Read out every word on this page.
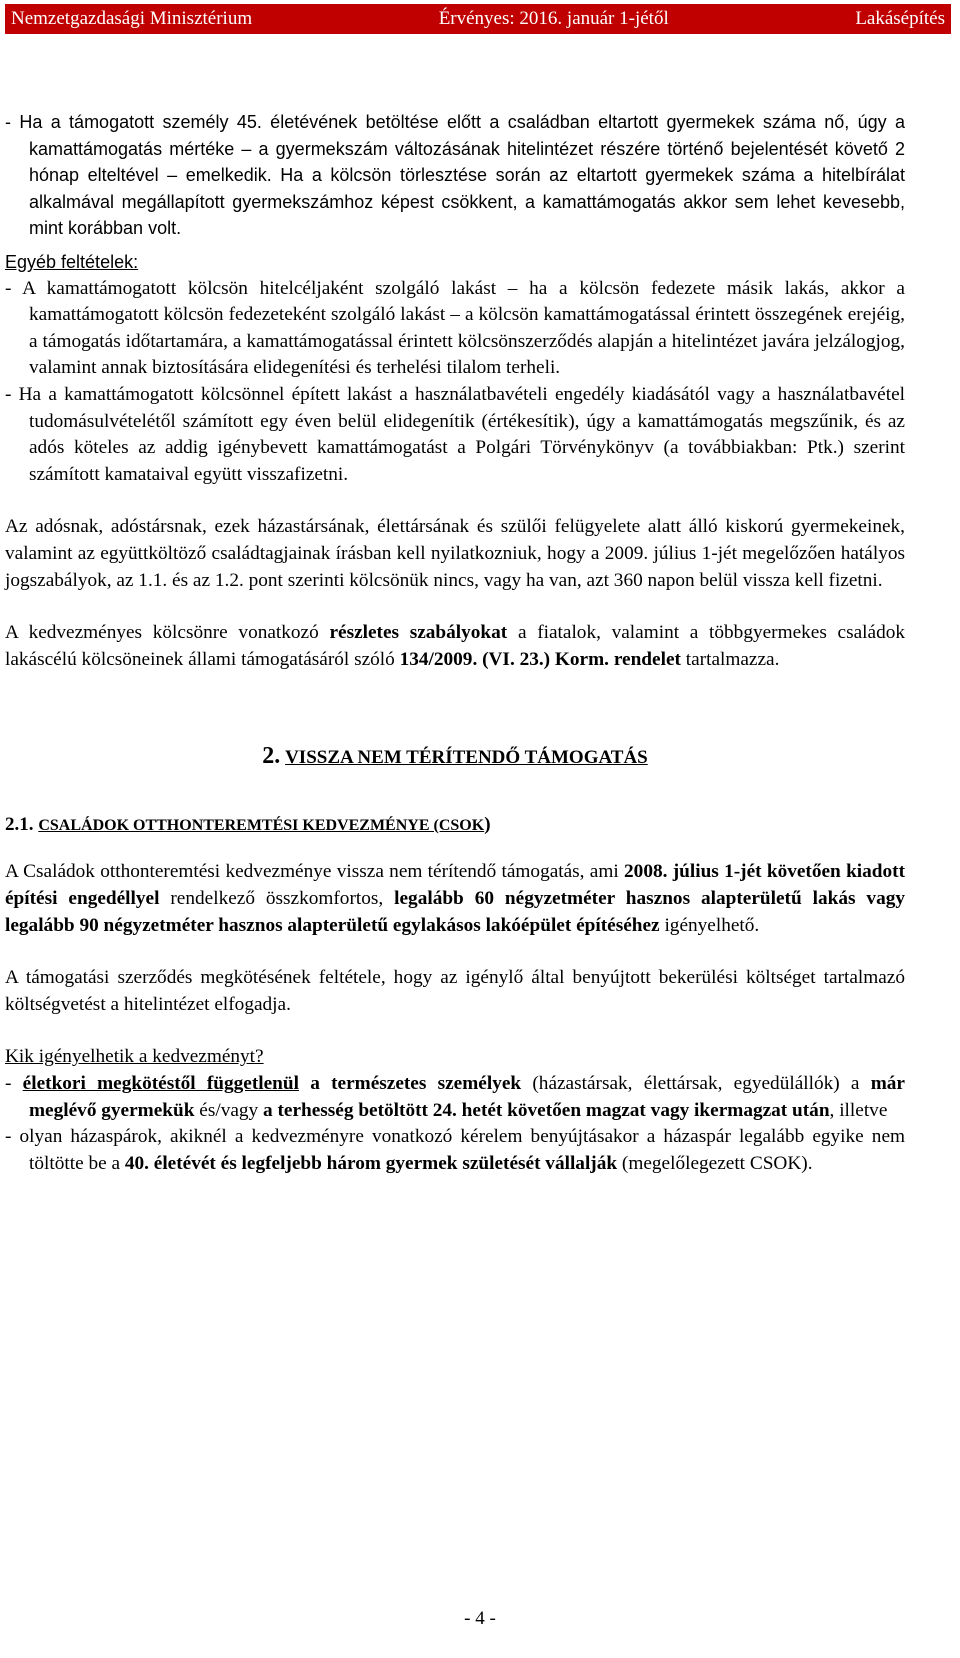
Nemzetgazdasági Minisztérium	Érvényes: 2016. január 1-jétől	Lakásépítés

- Ha a támogatott személy 45. életévének betöltése előtt a családban eltartott gyermekek száma nő, úgy a kamattámogatás mértéke – a gyermekszám változásának hitelintézet részére történő bejelentését követő 2 hónap elteltével – emelkedik. Ha a kölcsön törlesztése során az eltartott gyermekek száma a hitelbírálat alkalmával megállapított gyermekszámhoz képest csökkent, a kamattámogatás akkor sem lehet kevesebb, mint korábban volt.

Egyéb feltételek:

- A kamattámogatott kölcsön hitelcéljaként szolgáló lakást – ha a kölcsön fedezete másik lakás, akkor a kamattámogatott kölcsön fedezeteként szolgáló lakást – a kölcsön kamattámogatással érintett összegének erejéig, a támogatás időtartamára, a kamattámogatással érintett kölcsönszerződés alapján a hitelintézet javára jelzálogjog, valamint annak biztosítására elidegenítési és terhelési tilalom terheli.

- Ha a kamattámogatott kölcsönnel épített lakást a használatbavételi engedély kiadásától vagy a használatbavétel tudomásulvételétől számított egy éven belül elidegenítik (értékesítik), úgy a kamattámogatás megszűnik, és az adós köteles az addig igénybevett kamattámogatást a Polgári Törvénykönyv (a továbbiakban: Ptk.) szerint számított kamataival együtt visszafizetni.

Az adósnak, adóstársnak, ezek házastársának, élettársának és szülői felügyelete alatt álló kiskorú gyermekeinek, valamint az együttköltöző családtagjainak írásban kell nyilatkozniuk, hogy a 2009. július 1-jét megelőzően hatályos jogszabályok, az 1.1. és az 1.2. pont szerinti kölcsönük nincs, vagy ha van, azt 360 napon belül vissza kell fizetni.

A kedvezményes kölcsönre vonatkozó részletes szabályokat a fiatalok, valamint a többgyermekes családok lakáscélú kölcsöneinek állami támogatásáról szóló 134/2009. (VI. 23.) Korm. rendelet tartalmazza.

2. VISSZA NEM TÉRÍTENDŐ TÁMOGATÁS

2.1. CSALÁDOK OTTHONTEREMTÉSI KEDVEZMÉNYE (CSOK)

A Családok otthonteremtési kedvezménye vissza nem térítendő támogatás, ami 2008. július 1-jét követően kiadott építési engedéllyel rendelkező összkomfortos, legalább 60 négyzetméter hasznos alapterületű lakás vagy legalább 90 négyzetméter hasznos alapterületű egylakásos lakóépület építéséhez igényelhető.

A támogatási szerződés megkötésének feltétele, hogy az igénylő által benyújtott bekerülési költséget tartalmazó költségvetést a hitelintézet elfogadja.

Kik igényelhetik a kedvezményt?

- életkori megkötéstől függetlenül a természetes személyek (házastársak, élettársak, egyedülállók) a már meglévő gyermekük és/vagy a terhesség betöltött 24. hetét követően magzat vagy ikermagzat után, illetve

- olyan házaspárok, akiknél a kedvezményre vonatkozó kérelem benyújtásakor a házaspár legalább egyike nem töltötte be a 40. életévét és legfeljebb három gyermek születését vállalják (megelőlegezett CSOK).

- 4 -
